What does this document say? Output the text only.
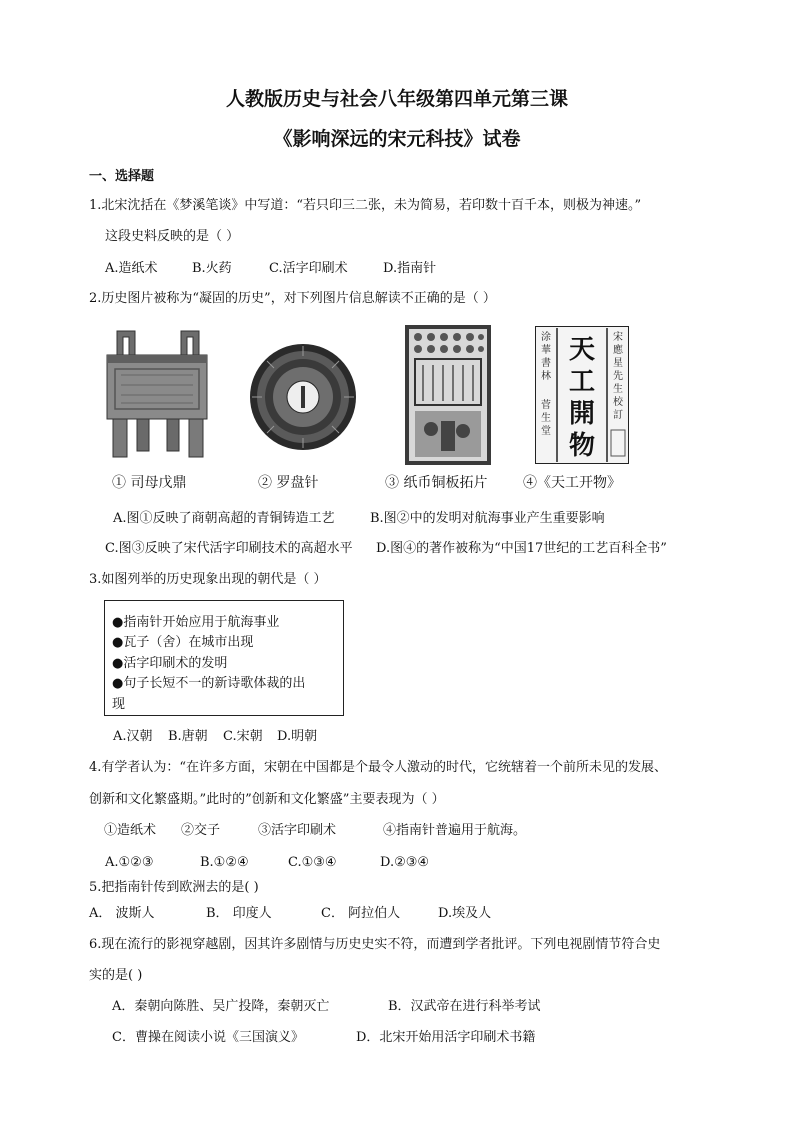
人教版历史与社会八年级第四单元第三课
《影响深远的宋元科技》试卷
一、选择题
1.北宋沈括在《梦溪笔谈》中写道：“若只印三二张，未为简易，若印数十百千本，则极为神速。”
这段史料反映的是（ ）
A.造纸术	B.火药	C.活字印刷术	D.指南针
2.历史图片被称为“凝固的历史”，对下列图片信息解读不正确的是（ ）
天
工
開
物
宋
應
星
先
生
校
訂
涂
華
書
林
菅
生
堂
① 司母戊鼎	② 罗盘针	③ 纸币铜板拓片	④《天工开物》
A.图①反映了商朝高超的青铜铸造工艺	B.图②中的发明对航海事业产生重要影响
C.图③反映了宋代活字印刷技术的高超水平 D.图④的著作被称为“中国17世纪的工艺百科全书”
3.如图列举的历史现象出现的朝代是（ ）
●指南针开始应用于航海事业
●瓦子（舍）在城市出现
●活字印刷术的发明
●句子长短不一的新诗歌体裁的出
现
A.汉朝 B.唐朝 C.宋朝 D.明朝
4.有学者认为：“在许多方面，宋朝在中国都是个最令人激动的时代，它统辖着一个前所未见的发展、
创新和文化繁盛期。”此时的”创新和文化繁盛”主要表现为（ ）
①造纸术 ②交子	③活字印刷术	④指南针普遍用于航海。
A.①②③	B.①②④	C.①③④	D.②③④
5.把指南针传到欧洲去的是( )
A． 波斯人	B． 印度人	C． 阿拉伯人	D.埃及人
6.现在流行的影视穿越剧，因其许多剧情与历史史实不符，而遭到学者批评。下列电视剧情节符合史
实的是( )
A．秦朝向陈胜、吴广投降，秦朝灭亡	B．汉武帝在进行科举考试
C．曹操在阅读小说《三国演义》	D．北宋开始用活字印刷术书籍
